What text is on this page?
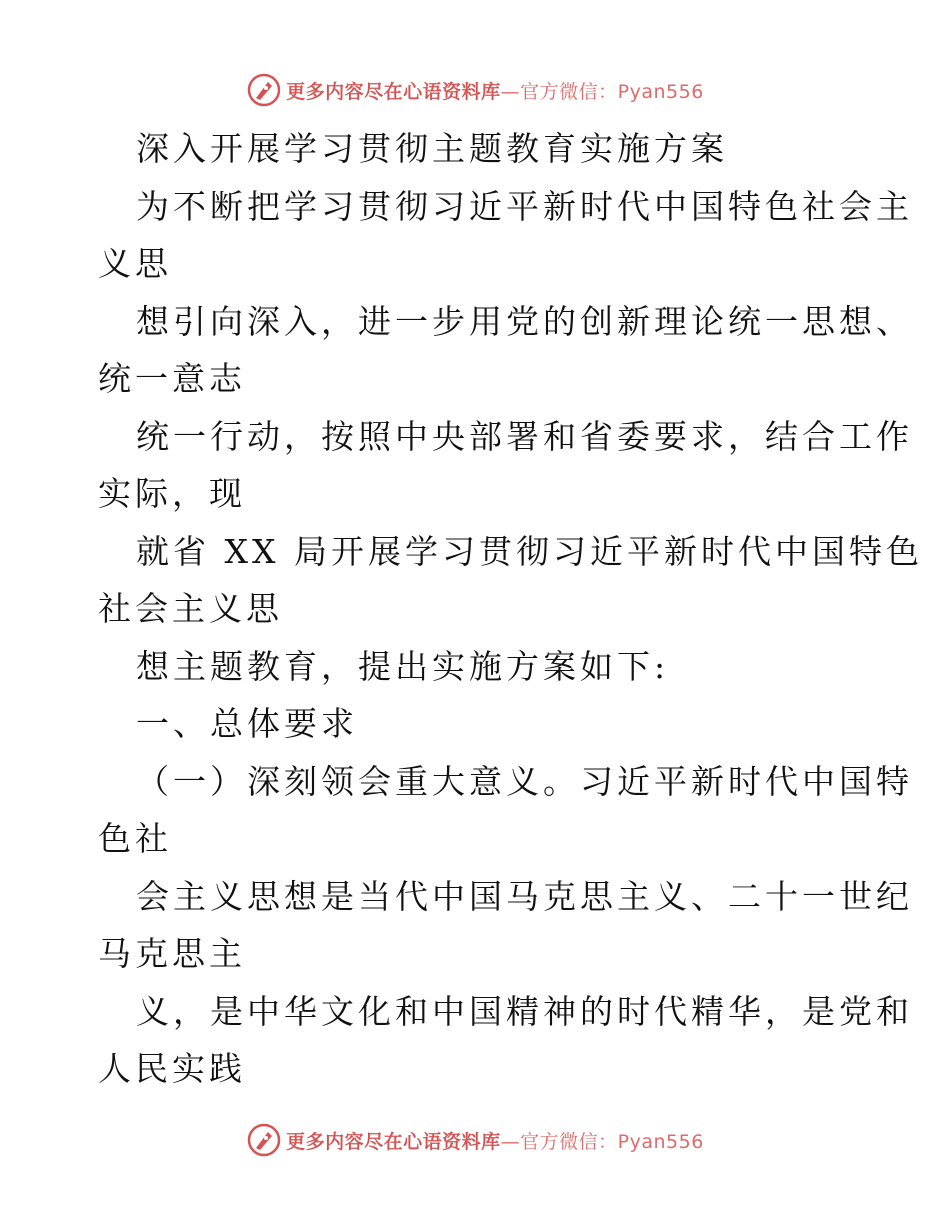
更多内容尽在心语资料库—官方微信：Pyan556
深入开展学习贯彻主题教育实施方案
为不断把学习贯彻习近平新时代中国特色社会主
义思
想引向深入，进一步用党的创新理论统一思想、
统一意志
统一行动，按照中央部署和省委要求，结合工作
实际，现
就省 XX 局开展学习贯彻习近平新时代中国特色
社会主义思
想主题教育，提出实施方案如下:
一、总体要求
（一）深刻领会重大意义。习近平新时代中国特
色社
会主义思想是当代中国马克思主义、二十一世纪
马克思主
义，是中华文化和中国精神的时代精华，是党和
人民实践
更多内容尽在心语资料库—官方微信：Pyan556
